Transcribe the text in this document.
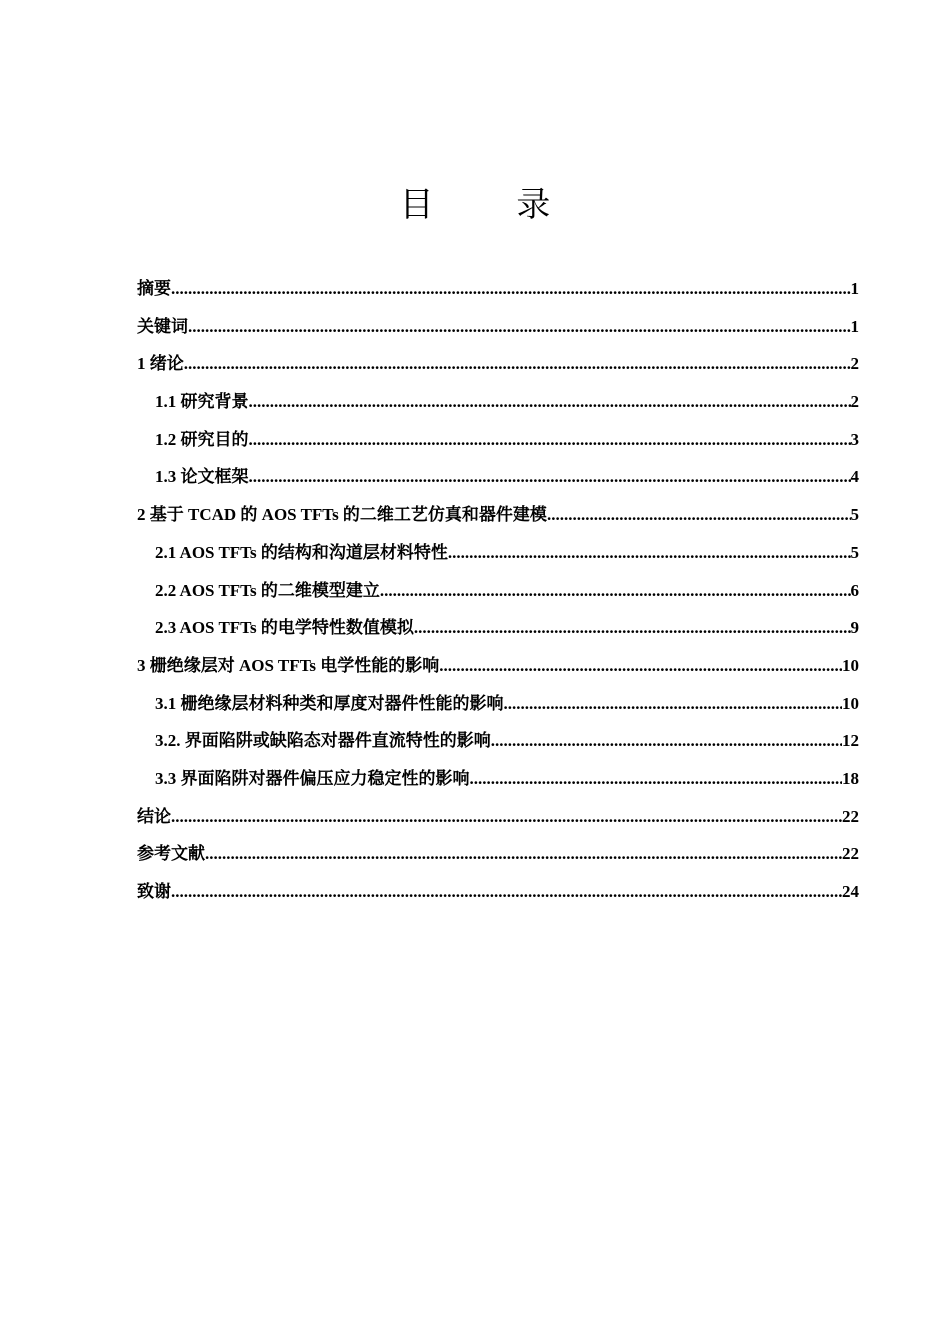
目 录
摘要 .....	1
关键词 .....	1
1 绪论 .....	2
1.1 研究背景 .....	2
1.2 研究目的 .....	3
1.3 论文框架 .....	4
2 基于 TCAD 的 AOS TFTs 的二维工艺仿真和器件建模 .....	5
2.1 AOS TFTs 的结构和沟道层材料特性 .....	5
2.2 AOS TFTs 的二维模型建立 .....	6
2.3 AOS TFTs 的电学特性数值模拟 .....	9
3 栅绝缘层对 AOS TFTs 电学性能的影响 .....	10
3.1 栅绝缘层材料种类和厚度对器件性能的影响 .....	10
3.2. 界面陷阱或缺陷态对器件直流特性的影响 .....	12
3.3 界面陷阱对器件偏压应力稳定性的影响 .....	18
结论 .....	22
参考文献 .....	22
致谢 .....	24
